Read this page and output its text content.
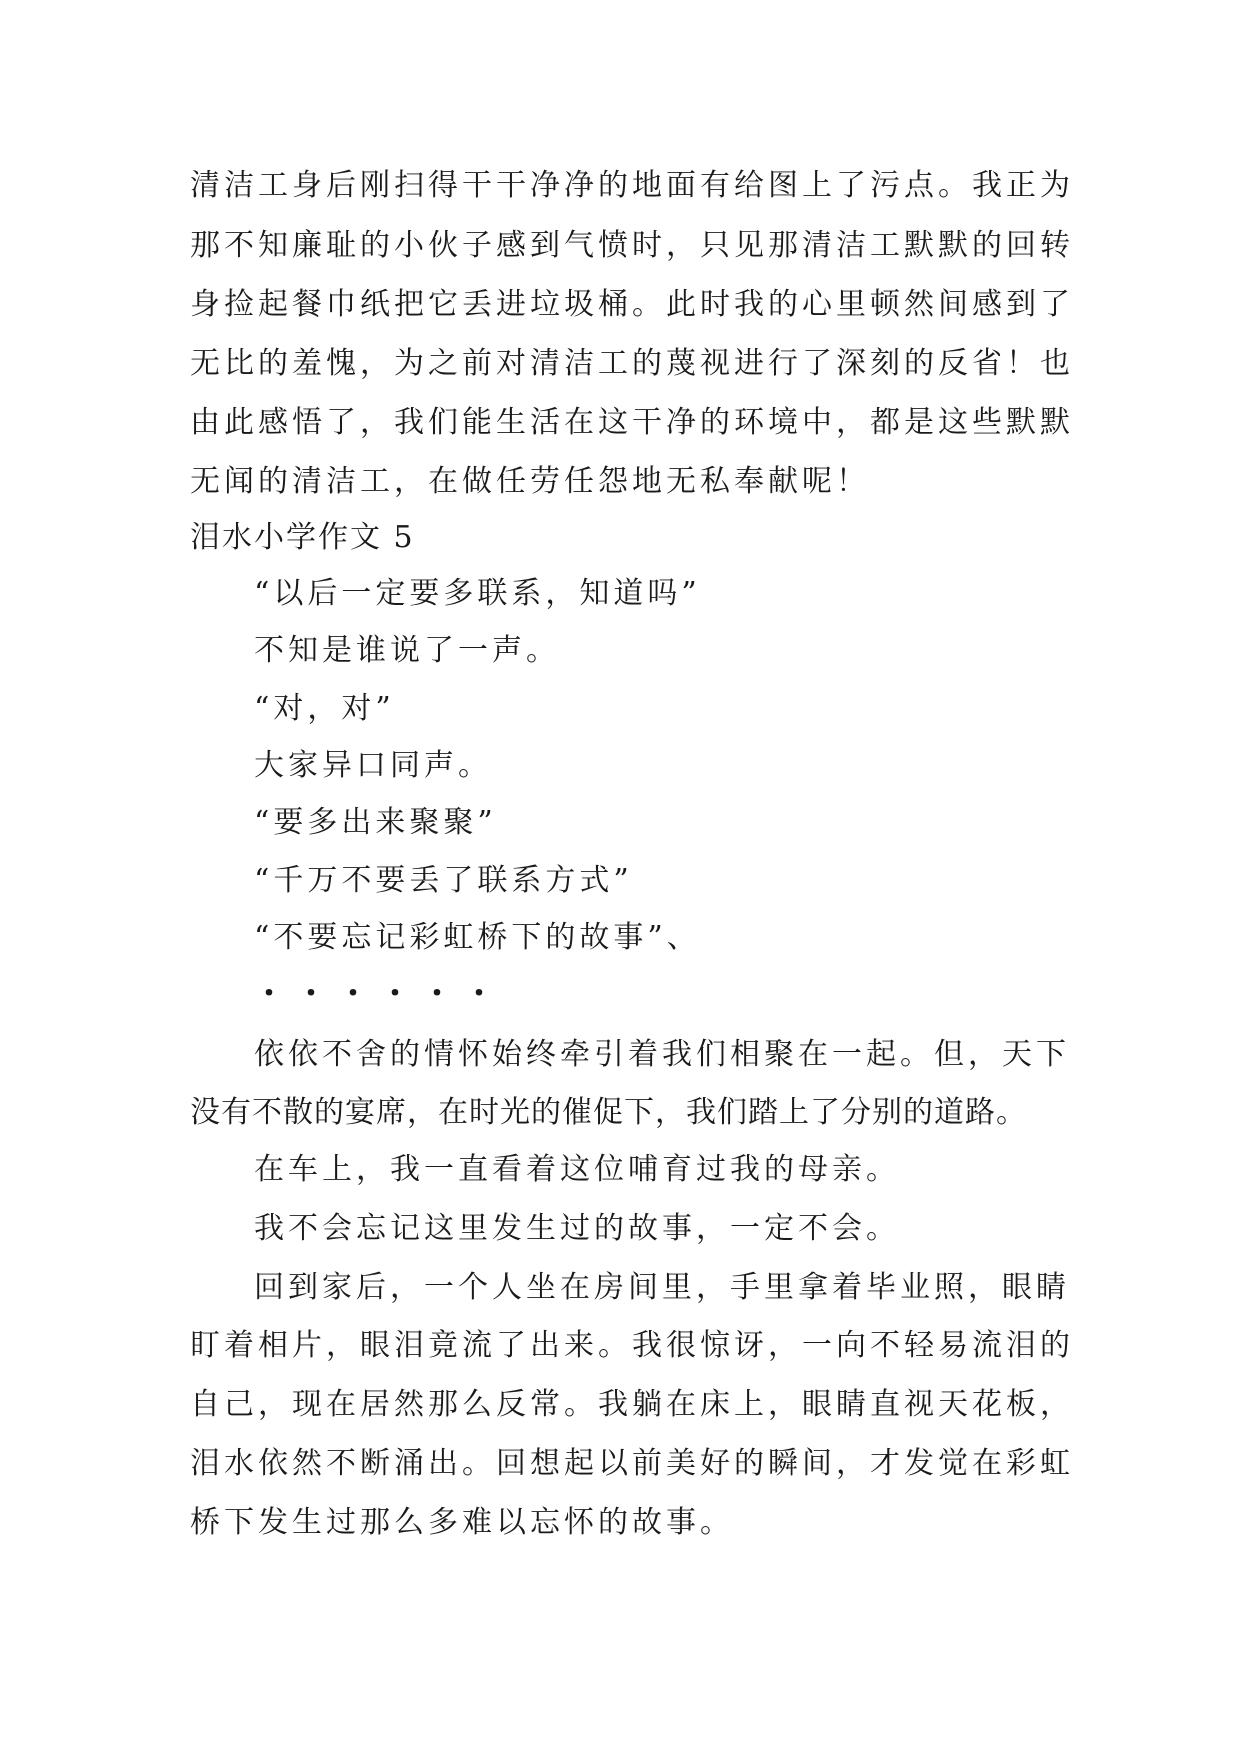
清洁工身后刚扫得干干净净的地面有给图上了污点。我正为
那不知廉耻的小伙子感到气愤时，只见那清洁工默默的回转
身捡起餐巾纸把它丢进垃圾桶。此时我的心里顿然间感到了
无比的羞愧，为之前对清洁工的蔑视进行了深刻的反省！也
由此感悟了，我们能生活在这干净的环境中，都是这些默默
无闻的清洁工，在做任劳任怨地无私奉献呢！
泪水小学作文 5
“以后一定要多联系，知道吗”
不知是谁说了一声。
“对，对”
大家异口同声。
“要多出来聚聚”
“千万不要丢了联系方式”
“不要忘记彩虹桥下的故事”、
・・・・・・
依依不舍的情怀始终牵引着我们相聚在一起。但，天下
没有不散的宴席，在时光的催促下，我们踏上了分别的道路。
在车上，我一直看着这位哺育过我的母亲。
我不会忘记这里发生过的故事，一定不会。
回到家后，一个人坐在房间里，手里拿着毕业照，眼睛
盯着相片，眼泪竟流了出来。我很惊讶，一向不轻易流泪的
自己，现在居然那么反常。我躺在床上，眼睛直视天花板，
泪水依然不断涌出。回想起以前美好的瞬间，才发觉在彩虹
桥下发生过那么多难以忘怀的故事。
